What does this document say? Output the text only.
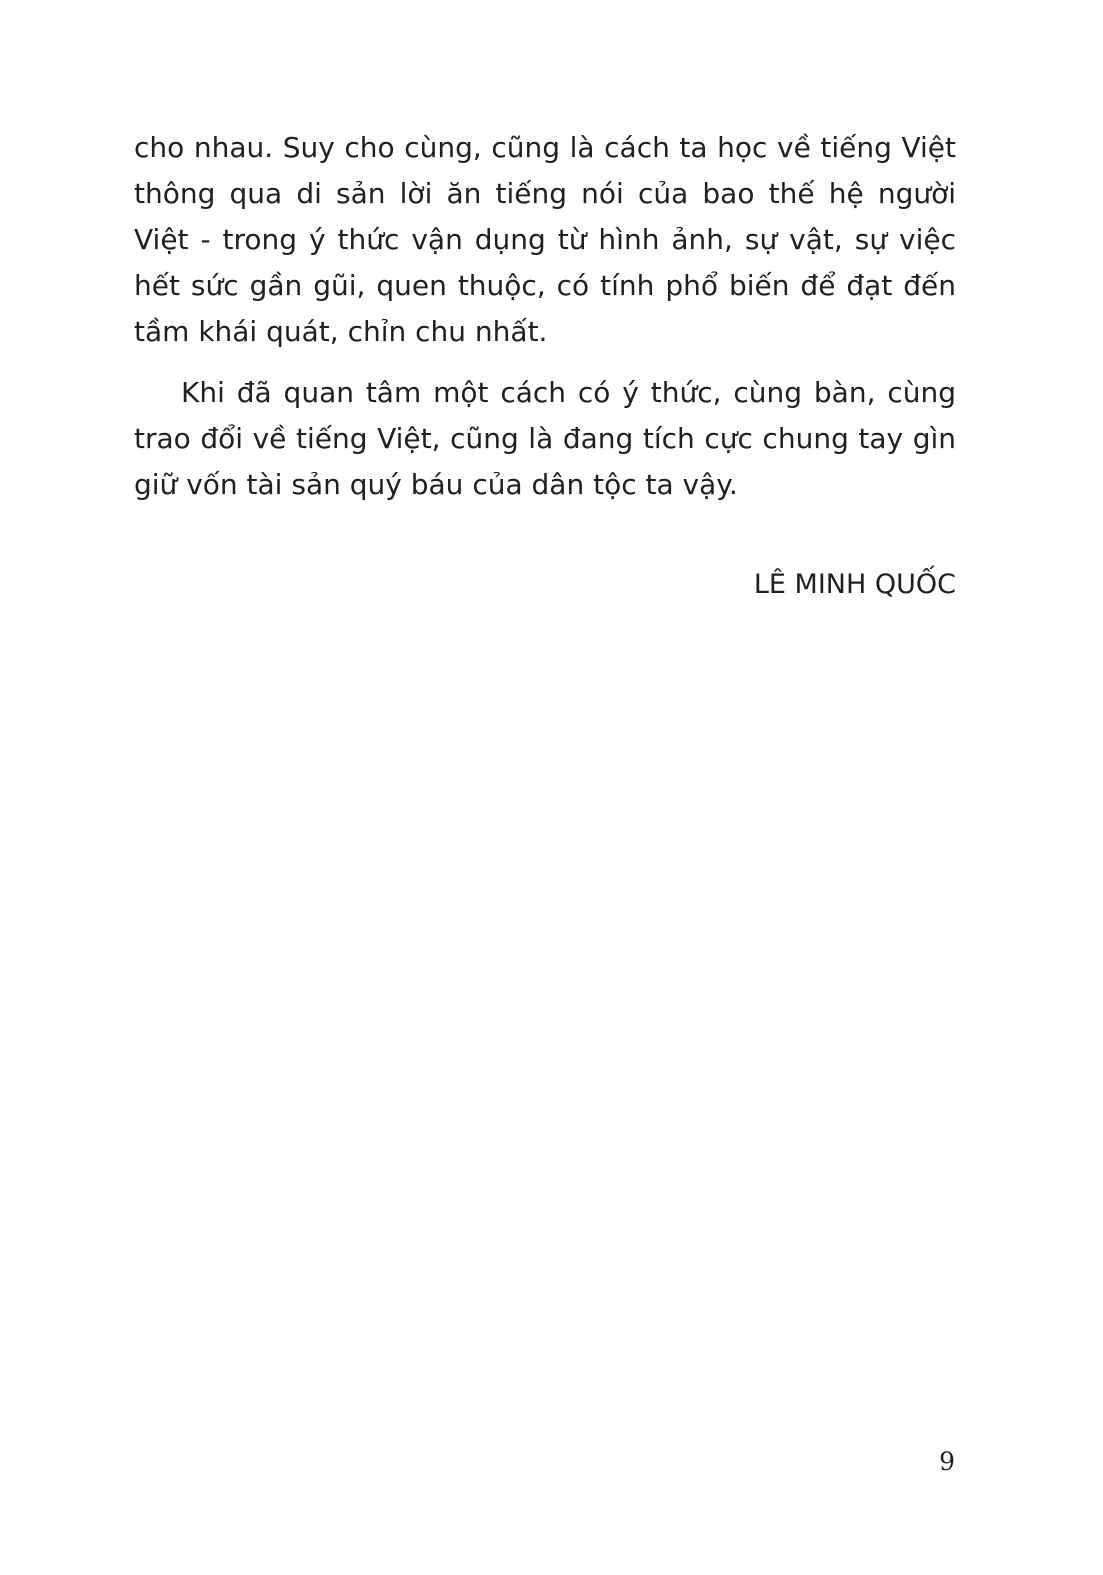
cho nhau. Suy cho cùng, cũng là cách ta học về tiếng Việt thông qua di sản lời ăn tiếng nói của bao thế hệ người Việt - trong ý thức vận dụng từ hình ảnh, sự vật, sự việc hết sức gần gũi, quen thuộc, có tính phổ biến để đạt đến tầm khái quát, chỉn chu nhất.

Khi đã quan tâm một cách có ý thức, cùng bàn, cùng trao đổi về tiếng Việt, cũng là đang tích cực chung tay gìn giữ vốn tài sản quý báu của dân tộc ta vậy.

LÊ MINH QUỐC

9
